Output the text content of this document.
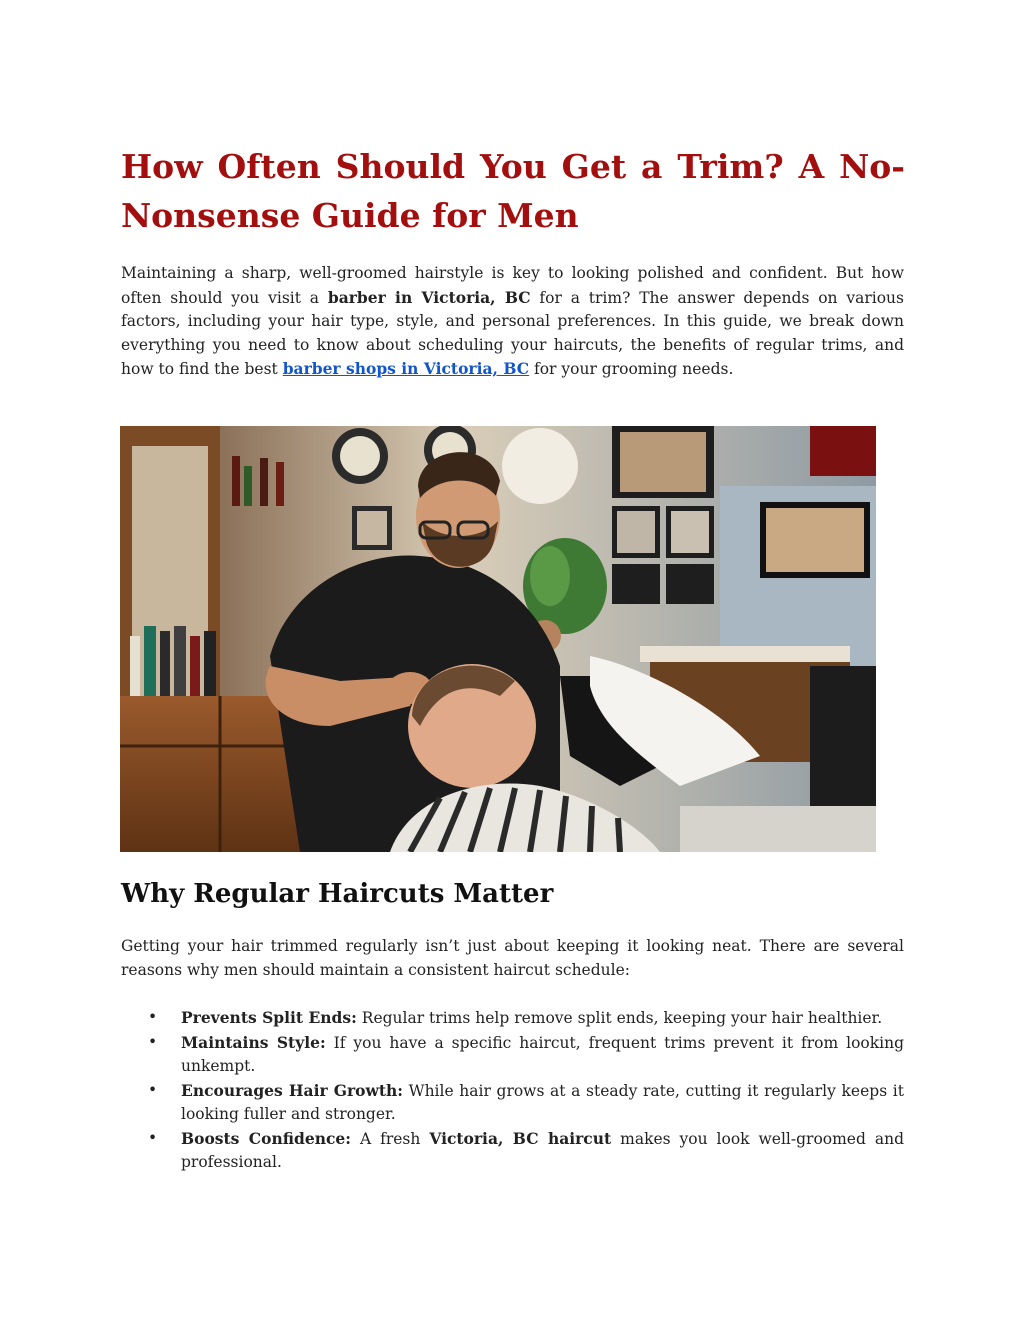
How Often Should You Get a Trim? A No-Nonsense Guide for Men

Maintaining a sharp, well-groomed hairstyle is key to looking polished and confident. But how often should you visit a barber in Victoria, BC for a trim? The answer depends on various factors, including your hair type, style, and personal preferences. In this guide, we break down everything you need to know about scheduling your haircuts, the benefits of regular trims, and how to find the best barber shops in Victoria, BC for your grooming needs.

Why Regular Haircuts Matter

Getting your hair trimmed regularly isn’t just about keeping it looking neat. There are several reasons why men should maintain a consistent haircut schedule:

• Prevents Split Ends: Regular trims help remove split ends, keeping your hair healthier.
• Maintains Style: If you have a specific haircut, frequent trims prevent it from looking unkempt.
• Encourages Hair Growth: While hair grows at a steady rate, cutting it regularly keeps it looking fuller and stronger.
• Boosts Confidence: A fresh Victoria, BC haircut makes you look well-groomed and professional.
